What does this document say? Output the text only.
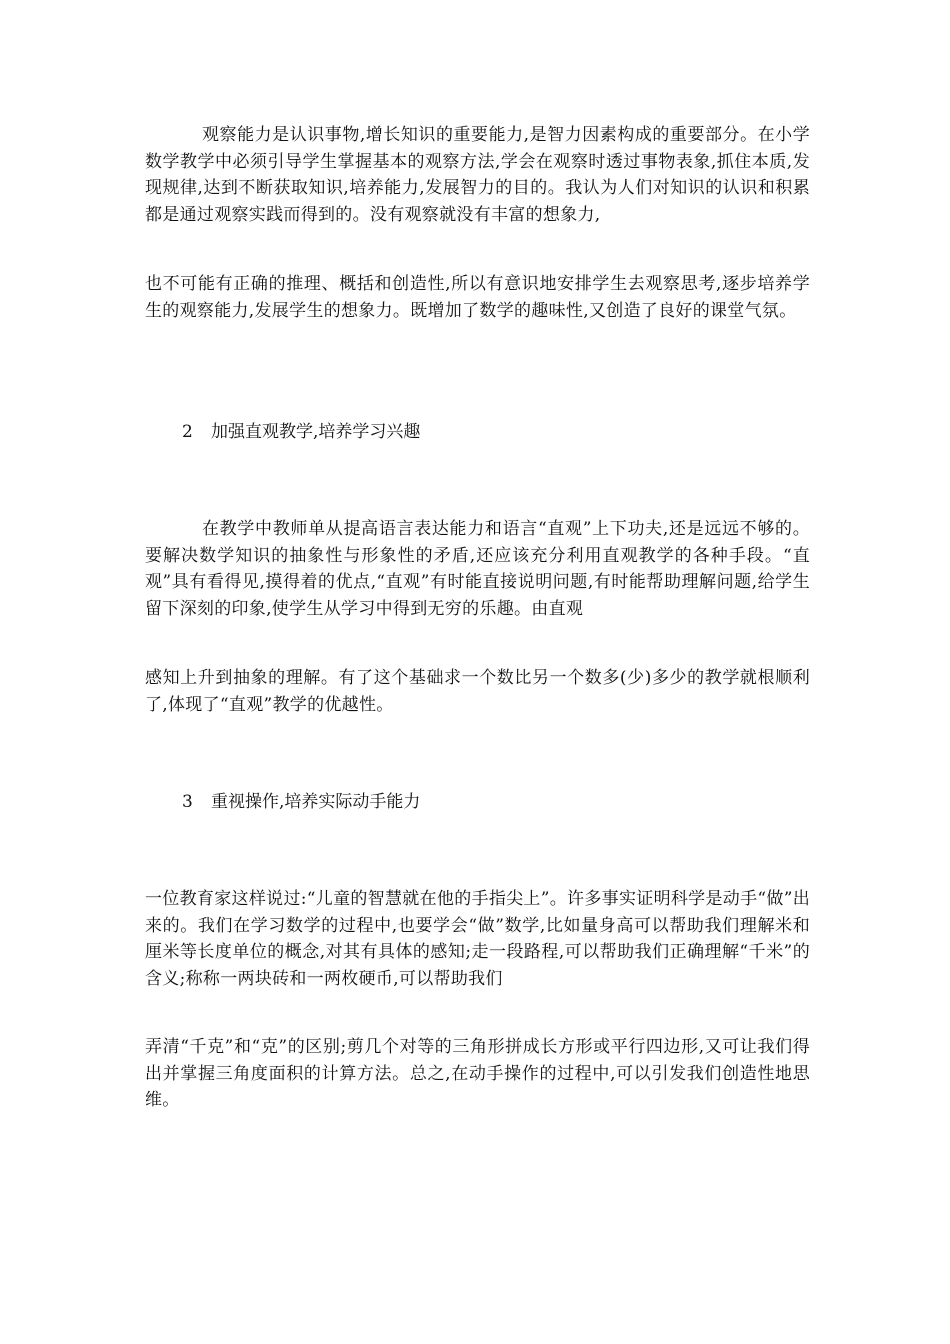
观察能力是认识事物,增长知识的重要能力,是智力因素构成的重要部分。在小学数学教学中必须引导学生掌握基本的观察方法,学会在观察时透过事物表象,抓住本质,发现规律,达到不断获取知识,培养能力,发展智力的目的。我认为人们对知识的认识和积累都是通过观察实践而得到的。没有观察就没有丰富的想象力,

也不可能有正确的推理、概括和创造性,所以有意识地安排学生去观察思考,逐步培养学生的观察能力,发展学生的想象力。既增加了数学的趣味性,又创造了良好的课堂气氛。

2 加强直观教学,培养学习兴趣

在教学中教师单从提高语言表达能力和语言“直观”上下功夫,还是远远不够的。要解决数学知识的抽象性与形象性的矛盾,还应该充分利用直观教学的各种手段。“直观”具有看得见,摸得着的优点,“直观”有时能直接说明问题,有时能帮助理解问题,给学生留下深刻的印象,使学生从学习中得到无穷的乐趣。由直观

感知上升到抽象的理解。有了这个基础求一个数比另一个数多(少)多少的教学就根顺利了,体现了“直观”教学的优越性。

3 重视操作,培养实际动手能力

一位教育家这样说过:“儿童的智慧就在他的手指尖上”。许多事实证明科学是动手“做”出来的。我们在学习数学的过程中,也要学会“做”数学,比如量身高可以帮助我们理解米和厘米等长度单位的概念,对其有具体的感知;走一段路程,可以帮助我们正确理解“千米”的含义;称称一两块砖和一两枚硬币,可以帮助我们

弄清“千克”和“克”的区别;剪几个对等的三角形拼成长方形或平行四边形,又可让我们得出并掌握三角度面积的计算方法。总之,在动手操作的过程中,可以引发我们创造性地思维。
